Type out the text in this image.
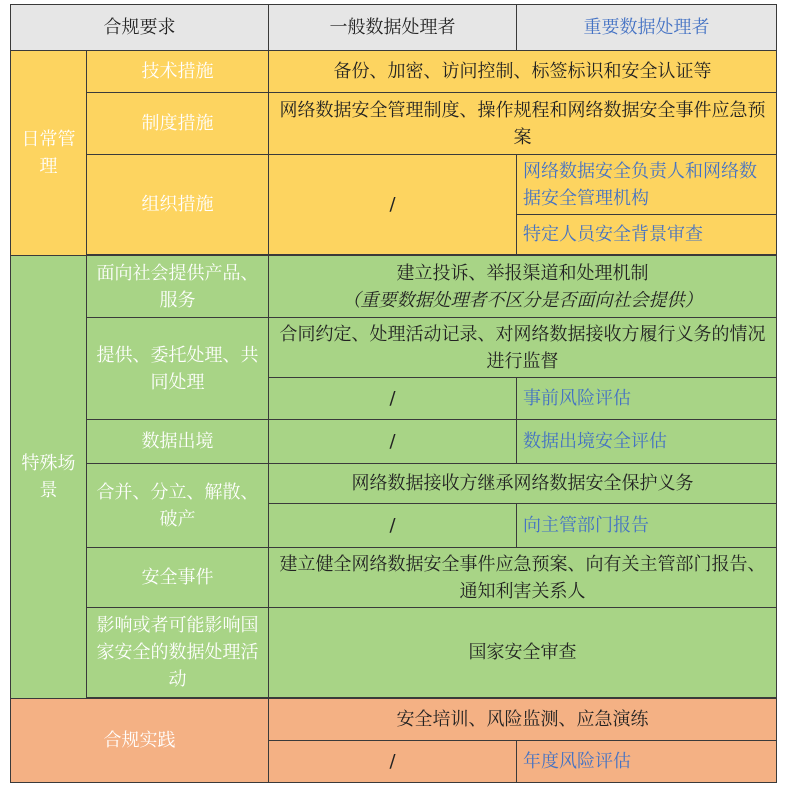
合规要求		一般数据处理者	重要数据处理者
日常管理	技术措施	备份、加密、访问控制、标签标识和安全认证等	
	制度措施	网络数据安全管理制度、操作规程和网络数据安全事件应急预案	
	组织措施	/	网络数据安全负责人和网络数据安全管理机构
			特定人员安全背景审查

特殊场景	面向社会提供产品、服务	建立投诉、举报渠道和处理机制
（重要数据处理者不区分是否面向社会提供）	
	提供、委托处理、共同处理	合同约定、处理活动记录、对网络数据接收方履行义务的情况进行监督	
		/	事前风险评估
	数据出境	/	数据出境安全评估
	合并、分立、解散、破产	网络数据接收方继承网络数据安全保护义务	
		/	向主管部门报告
	安全事件	建立健全网络数据安全事件应急预案、向有关主管部门报告、通知利害关系人	
	影响或者可能影响国家安全的数据处理活动	国家安全审查	

合规实践		安全培训、风险监测、应急演练	
		/	年度风险评估
